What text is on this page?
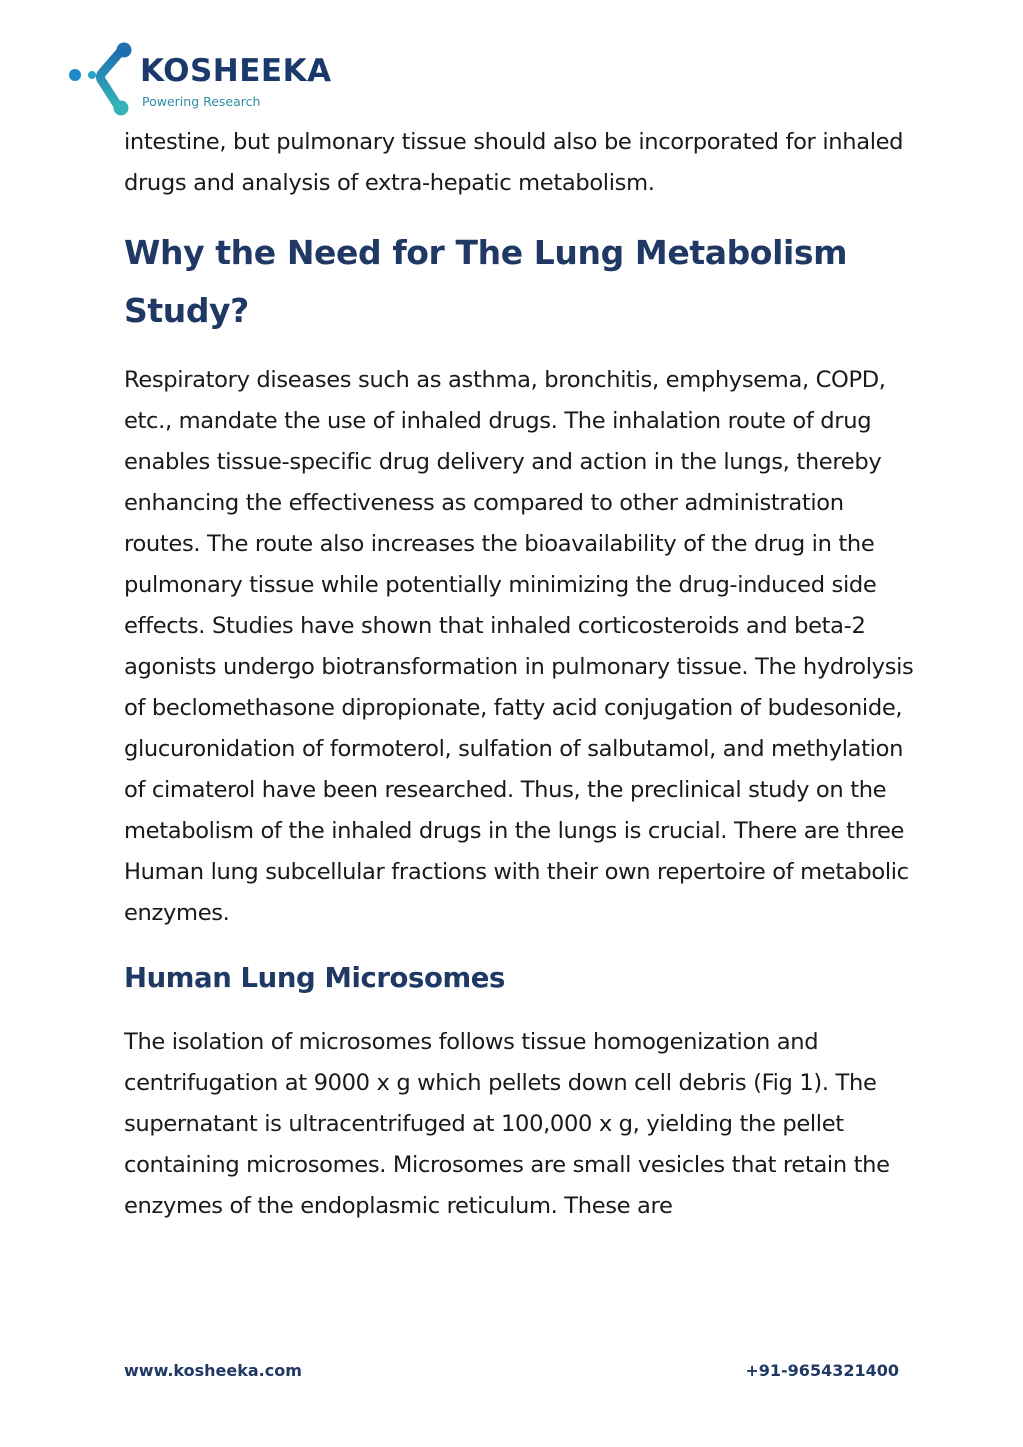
KOSHEEKA
Powering Research

intestine, but pulmonary tissue should also be incorporated for inhaled drugs and analysis of extra-hepatic metabolism.

Why the Need for The Lung Metabolism Study?

Respiratory diseases such as asthma, bronchitis, emphysema, COPD, etc., mandate the use of inhaled drugs. The inhalation route of drug enables tissue-specific drug delivery and action in the lungs, thereby enhancing the effectiveness as compared to other administration routes. The route also increases the bioavailability of the drug in the pulmonary tissue while potentially minimizing the drug-induced side effects. Studies have shown that inhaled corticosteroids and beta-2 agonists undergo biotransformation in pulmonary tissue. The hydrolysis of beclomethasone dipropionate, fatty acid conjugation of budesonide, glucuronidation of formoterol, sulfation of salbutamol, and methylation of cimaterol have been researched. Thus, the preclinical study on the metabolism of the inhaled drugs in the lungs is crucial. There are three Human lung subcellular fractions with their own repertoire of metabolic enzymes.

Human Lung Microsomes

The isolation of microsomes follows tissue homogenization and centrifugation at 9000 x g which pellets down cell debris (Fig 1). The supernatant is ultracentrifuged at 100,000 x g, yielding the pellet containing microsomes. Microsomes are small vesicles that retain the enzymes of the endoplasmic reticulum. These are

www.kosheeka.com	+91-9654321400
